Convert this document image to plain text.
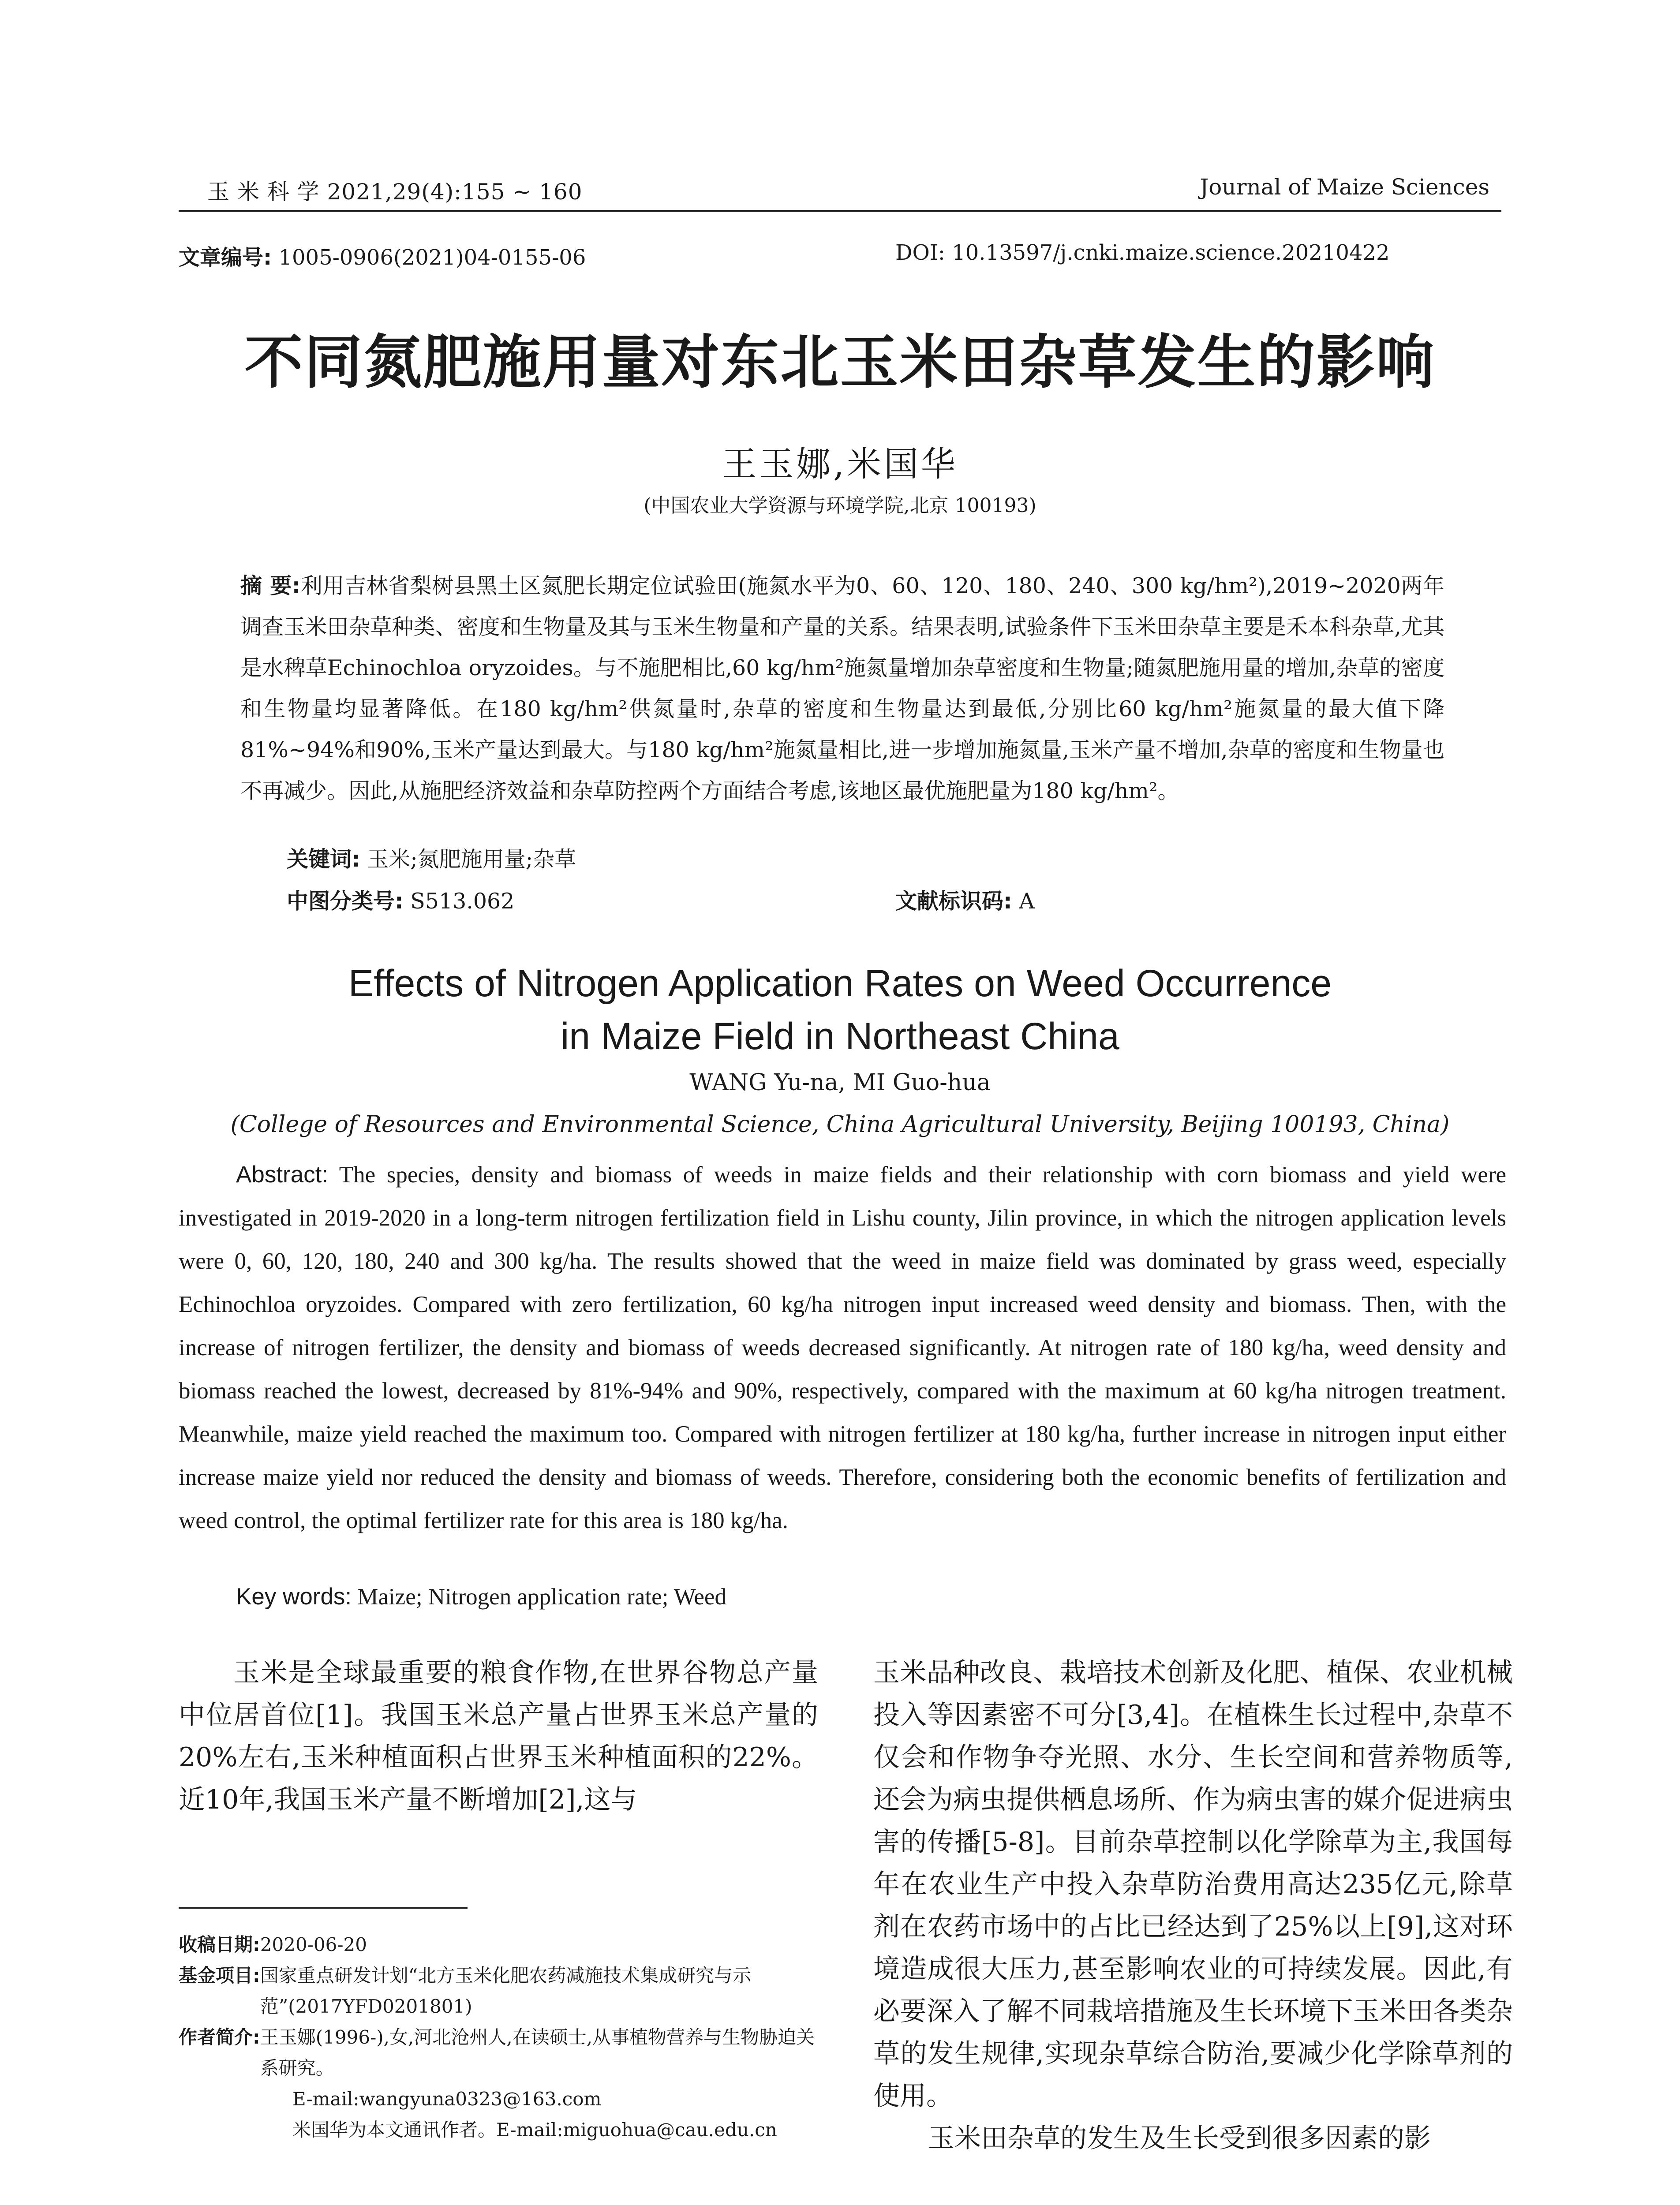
玉 米 科 学 2021,29(4):155 ~ 160	Journal of Maize Sciences
文章编号: 1005-0906(2021)04-0155-06	DOI: 10.13597/j.cnki.maize.science.20210422
不同氮肥施用量对东北玉米田杂草发生的影响
王玉娜,米国华
(中国农业大学资源与环境学院,北京 100193)
摘 要:利用吉林省梨树县黑土区氮肥长期定位试验田(施氮水平为0、60、120、180、240、300 kg/hm²),2019~2020两年调查玉米田杂草种类、密度和生物量及其与玉米生物量和产量的关系。结果表明,试验条件下玉米田杂草主要是禾本科杂草,尤其是水稗草Echinochloa oryzoides。与不施肥相比,60 kg/hm²施氮量增加杂草密度和生物量;随氮肥施用量的增加,杂草的密度和生物量均显著降低。在180 kg/hm²供氮量时,杂草的密度和生物量达到最低,分别比60 kg/hm²施氮量的最大值下降81%~94%和90%,玉米产量达到最大。与180 kg/hm²施氮量相比,进一步增加施氮量,玉米产量不增加,杂草的密度和生物量也不再减少。因此,从施肥经济效益和杂草防控两个方面结合考虑,该地区最优施肥量为180 kg/hm²。
关键词: 玉米;氮肥施用量;杂草
中图分类号: S513.062	文献标识码: A
Effects of Nitrogen Application Rates on Weed Occurrence
in Maize Field in Northeast China
WANG Yu-na, MI Guo-hua
(College of Resources and Environmental Science, China Agricultural University, Beijing 100193, China)
Abstract: The species, density and biomass of weeds in maize fields and their relationship with corn biomass and yield were investigated in 2019-2020 in a long-term nitrogen fertilization field in Lishu county, Jilin province, in which the nitrogen application levels were 0, 60, 120, 180, 240 and 300 kg/ha. The results showed that the weed in maize field was dominated by grass weed, especially Echinochloa oryzoides. Compared with zero fertilization, 60 kg/ha nitrogen input increased weed density and biomass. Then, with the increase of nitrogen fertilizer, the density and biomass of weeds decreased significantly. At nitrogen rate of 180 kg/ha, weed density and biomass reached the lowest, decreased by 81%-94% and 90%, respectively, compared with the maximum at 60 kg/ha nitrogen treatment. Meanwhile, maize yield reached the maximum too. Compared with nitrogen fertilizer at 180 kg/ha, further increase in nitrogen input either increase maize yield nor reduced the density and biomass of weeds. Therefore, considering both the economic benefits of fertilization and weed control, the optimal fertilizer rate for this area is 180 kg/ha.
Key words: Maize; Nitrogen application rate; Weed
玉米是全球最重要的粮食作物,在世界谷物总产量中位居首位[1]。我国玉米总产量占世界玉米总产量的20%左右,玉米种植面积占世界玉米种植面积的22%。近10年,我国玉米产量不断增加[2],这与
玉米品种改良、栽培技术创新及化肥、植保、农业机械投入等因素密不可分[3,4]。在植株生长过程中,杂草不仅会和作物争夺光照、水分、生长空间和营养物质等,还会为病虫提供栖息场所、作为病虫害的媒介促进病虫害的传播[5-8]。目前杂草控制以化学除草为主,我国每年在农业生产中投入杂草防治费用高达235亿元,除草剂在农药市场中的占比已经达到了25%以上[9],这对环境造成很大压力,甚至影响农业的可持续发展。因此,有必要深入了解不同栽培措施及生长环境下玉米田各类杂草的发生规律,实现杂草综合防治,要减少化学除草剂的使用。
玉米田杂草的发生及生长受到很多因素的影
收稿日期: 2020-06-20
基金项目: 国家重点研发计划“北方玉米化肥农药减施技术集成研究与示范”(2017YFD0201801)
作者简介: 王玉娜(1996-),女,河北沧州人,在读硕士,从事植物营养与生物胁迫关系研究。
E-mail:wangyuna0323@163.com
米国华为本文通讯作者。E-mail:miguohua@cau.edu.cn
